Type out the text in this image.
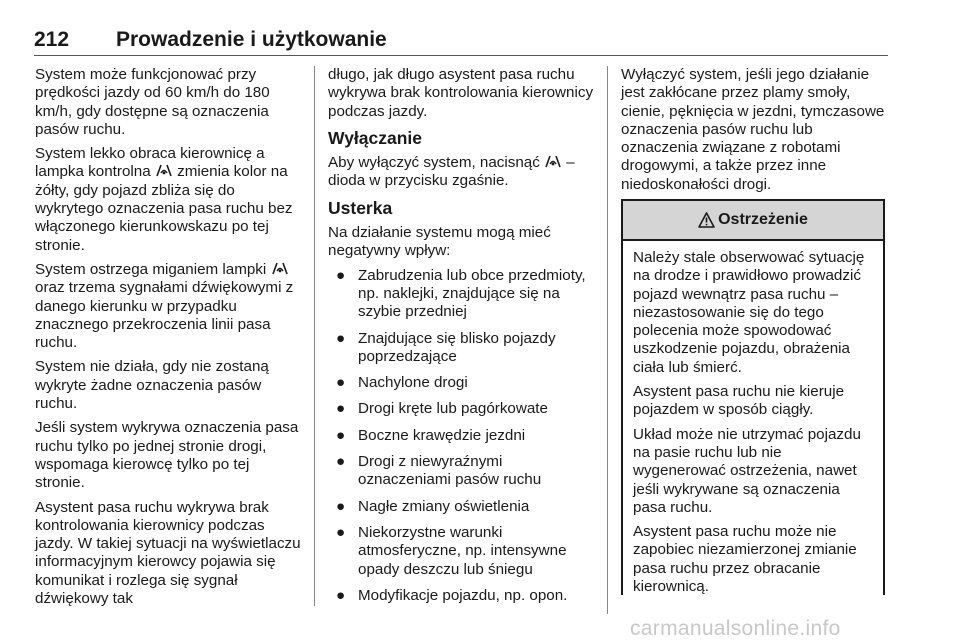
212 Prowadzenie i użytkowanie

System może funkcjonować przy prędkości jazdy od 60 km/h do 180 km/h, gdy dostępne są oznaczenia pasów ruchu.

System lekko obraca kierownicę a lampka kontrolna  zmienia kolor na żółty, gdy pojazd zbliża się do wykrytego oznaczenia pasa ruchu bez włączonego kierunkowskazu po tej stronie.

System ostrzega miganiem lampki  oraz trzema sygnałami dźwiękowymi z danego kierunku w przypadku znacznego przekroczenia linii pasa ruchu.

System nie działa, gdy nie zostaną wykryte żadne oznaczenia pasów ruchu.

Jeśli system wykrywa oznaczenia pasa ruchu tylko po jednej stronie drogi, wspomaga kierowcę tylko po tej stronie.

Asystent pasa ruchu wykrywa brak kontrolowania kierownicy podczas jazdy. W takiej sytuacji na wyświetlaczu informacyjnym kierowcy pojawia się komunikat i rozlega się sygnał dźwiękowy tak

długo, jak długo asystent pasa ruchu wykrywa brak kontrolowania kierownicy podczas jazdy.

Wyłączanie

Aby wyłączyć system, nacisnąć  – dioda w przycisku zgaśnie.

Usterka

Na działanie systemu mogą mieć negatywny wpływ:

● Zabrudzenia lub obce przedmioty, np. naklejki, znajdujące się na szybie przedniej
● Znajdujące się blisko pojazdy poprzedzające
● Nachylone drogi
● Drogi kręte lub pagórkowate
● Boczne krawędzie jezdni
● Drogi z niewyraźnymi oznaczeniami pasów ruchu
● Nagłe zmiany oświetlenia
● Niekorzystne warunki atmosferyczne, np. intensywne opady deszczu lub śniegu
● Modyfikacje pojazdu, np. opon.

Wyłączyć system, jeśli jego działanie jest zakłócane przez plamy smoły, cienie, pęknięcia w jezdni, tymczasowe oznaczenia pasów ruchu lub oznaczenia związane z robotami drogowymi, a także przez inne niedoskonałości drogi.

Ostrzeżenie

Należy stale obserwować sytuację na drodze i prawidłowo prowadzić pojazd wewnątrz pasa ruchu – niezastosowanie się do tego polecenia może spowodować uszkodzenie pojazdu, obrażenia ciała lub śmierć.

Asystent pasa ruchu nie kieruje pojazdem w sposób ciągły.

Układ może nie utrzymać pojazdu na pasie ruchu lub nie wygenerować ostrzeżenia, nawet jeśli wykrywane są oznaczenia pasa ruchu.

Asystent pasa ruchu może nie zapobiec niezamierzonej zmianie pasa ruchu przez obracanie kierownicą.

carmanualsonline.info
